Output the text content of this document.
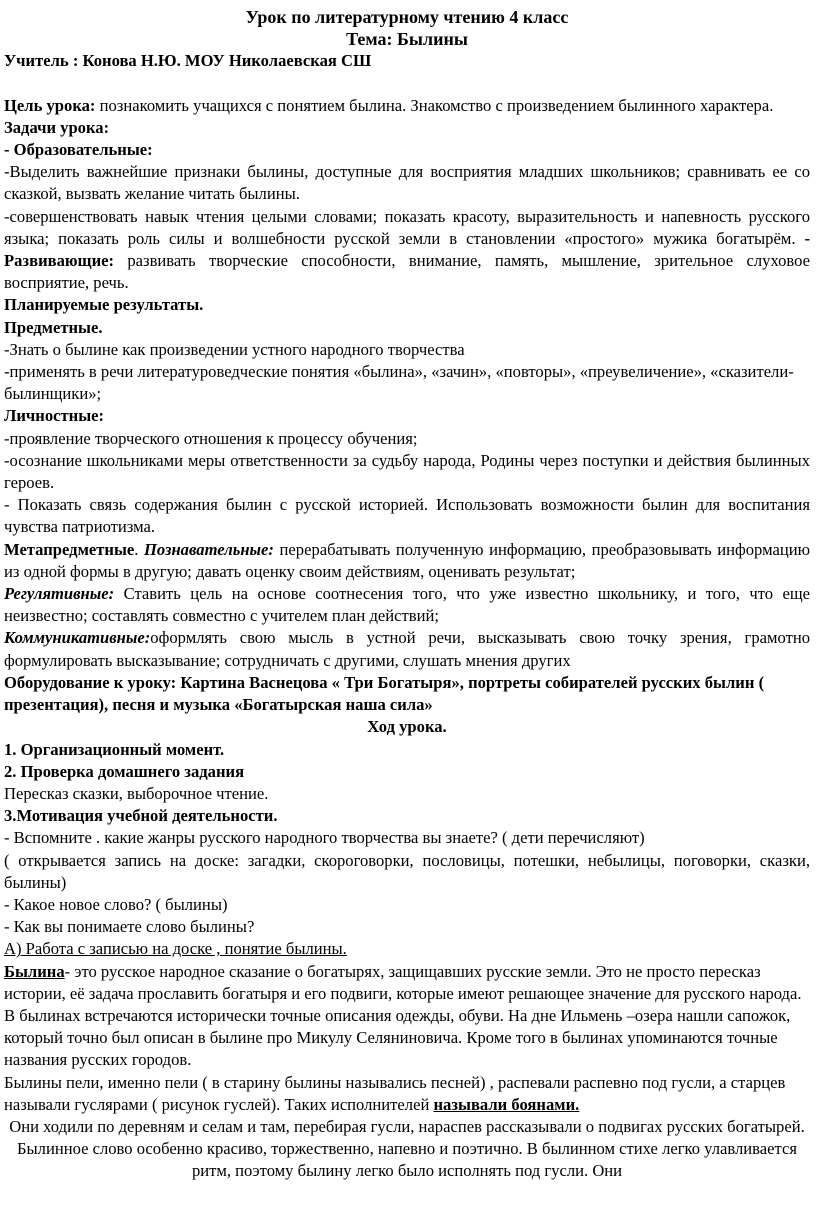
Урок по литературному чтению 4 класс

Тема: Былины

Учитель : Конова Н.Ю. МОУ Николаевская СШ

Цель урока: познакомить учащихся с понятием былина. Знакомство с произведением былинного характера.

Задачи урока:

- Образовательные:

-Выделить важнейшие признаки былины, доступные для восприятия младших школьников; сравнивать ее со сказкой, вызвать желание читать былины.

-совершенствовать навык чтения целыми словами; показать красоту, выразительность и напевность русского языка; показать роль силы и волшебности русской земли в становлении «простого» мужика богатырём. - Развивающие: развивать творческие способности, внимание, память, мышление, зрительное слуховое восприятие, речь.

Планируемые результаты.

Предметные.

-Знать о былине как произведении устного народного творчества

-применять в речи литературоведческие понятия «былина», «зачин», «повторы», «преувеличение», «сказители-былинщики»;

Личностные:

-проявление творческого отношения к процессу обучения;

-осознание школьниками меры ответственности за судьбу народа, Родины через поступки и действия былинных героев.

- Показать связь содержания былин с русской историей. Использовать возможности былин для воспитания чувства патриотизма.

Метапредметные. Познавательные: перерабатывать полученную информацию, преобразовывать информацию из одной формы в другую; давать оценку своим действиям, оценивать результат;

Регулятивные: Ставить цель на основе соотнесения того, что уже известно школьнику, и того, что еще неизвестно; составлять совместно с учителем план действий;

Коммуникативные:оформлять свою мысль в устной речи, высказывать свою точку зрения, грамотно формулировать высказывание; сотрудничать с другими, слушать мнения других

Оборудование к уроку: Картина Васнецова « Три Богатыря», портреты собирателей русских былин ( презентация), песня и музыка «Богатырская наша сила»

Ход урока.

1. Организационный момент.

2. Проверка домашнего задания

Пересказ сказки, выборочное чтение.

3.Мотивация учебной деятельности.

- Вспомните . какие жанры русского народного творчества вы знаете? ( дети перечисляют)

( открывается запись на доске: загадки, скороговорки, пословицы, потешки, небылицы, поговорки, сказки, былины)

- Какое новое слово? ( былины)

- Как вы понимаете слово былины?

А) Работа с записью на доске , понятие былины.

Былина- это русское народное сказание о богатырях, защищавших русские земли. Это не просто пересказ истории, её задача прославить богатыря и его подвиги, которые имеют решающее значение для русского народа.

В былинах встречаются исторически точные описания одежды, обуви. На дне Ильмень –озера нашли сапожок, который точно был описан в былине про Микулу Селяниновича. Кроме того в былинах упоминаются точные названия русских городов.

Былины пели, именно пели ( в старину былины назывались песней) , распевали распевно под гусли, а старцев называли гуслярами ( рисунок гуслей). Таких исполнителей называли боянами.

Они ходили по деревням и селам и там, перебирая гусли, нараспев рассказывали о подвигах русских богатырей. Былинное слово особенно красиво, торжественно, напевно и поэтично. В былинном стихе легко улавливается ритм, поэтому былину легко было исполнять под гусли. Они
